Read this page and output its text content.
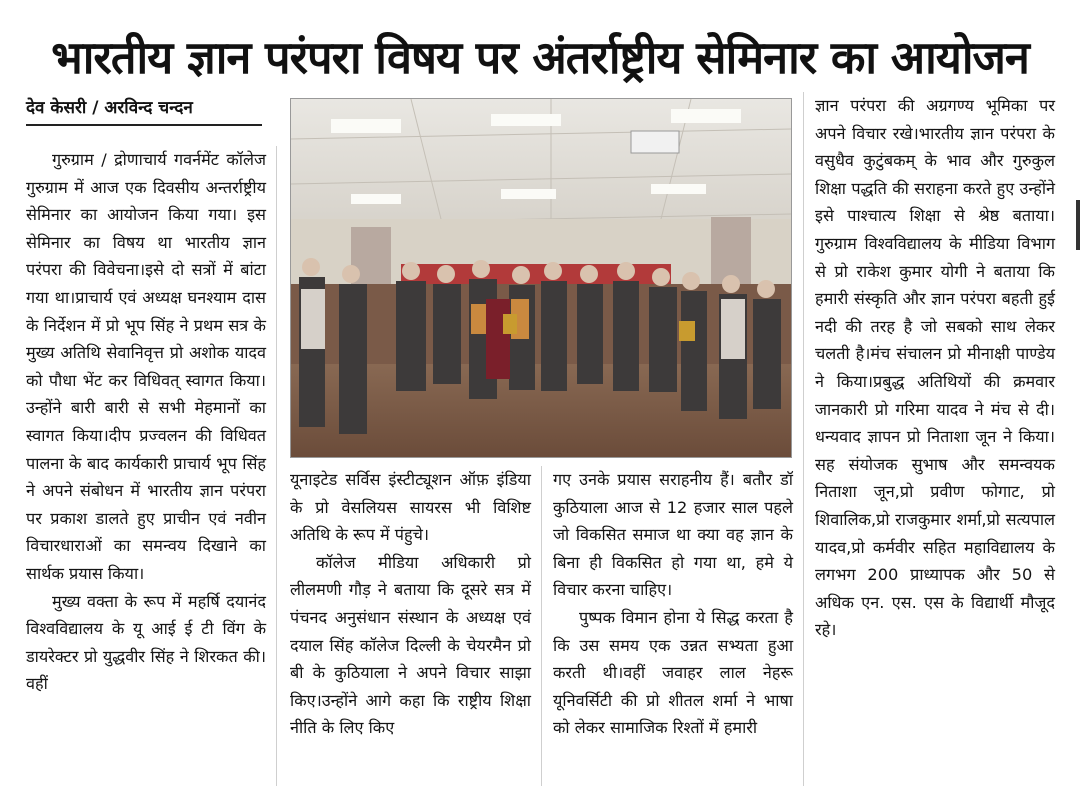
भारतीय ज्ञान परंपरा विषय पर अंतर्राष्ट्रीय सेमिनार का आयोजन
देव केसरी / अरविन्द चन्दन

गुरुग्राम / द्रोणाचार्य गवर्नमेंट कॉलेज गुरुग्राम में आज एक दिवसीय अन्तर्राष्ट्रीय सेमिनार का आयोजन किया गया। इस सेमिनार का विषय था भारतीय ज्ञान परंपरा की विवेचना।इसे दो सत्रों में बांटा गया था।प्राचार्य एवं अध्यक्ष घनश्याम दास के निर्देशन में प्रो भूप सिंह ने प्रथम सत्र के मुख्य अतिथि सेवानिवृत्त प्रो अशोक यादव को पौधा भेंट कर विधिवत् स्वागत किया।उन्होंने बारी बारी से सभी मेहमानों का स्वागत किया।दीप प्रज्वलन की विधिवत पालना के बाद कार्यकारी प्राचार्य भूप सिंह ने अपने संबोधन में भारतीय ज्ञान परंपरा पर प्रकाश डालते हुए प्राचीन एवं नवीन विचारधाराओं का समन्वय दिखाने का सार्थक प्रयास किया।

मुख्य वक्ता के रूप में महर्षि दयानंद विश्वविद्यालय के यू आई ई टी विंग के डायरेक्टर प्रो युद्धवीर सिंह ने शिरकत की।वहीं

यूनाइटेड सर्विस इंस्टीट्यूशन ऑफ़ इंडिया के प्रो वेसलियस सायरस भी विशिष्ट अतिथि के रूप में पंहुचे।

कॉलेज मीडिया अधिकारी प्रो लीलमणी गौड़ ने बताया कि दूसरे सत्र में पंचनद अनुसंधान संस्थान के अध्यक्ष एवं दयाल सिंह कॉलेज दिल्ली के चेयरमैन प्रो बी के कुठियाला ने अपने विचार साझा किए।उन्होंने आगे कहा कि राष्ट्रीय शिक्षा नीति के लिए किए

गए उनके प्रयास सराहनीय हैं। बतौर डॉ कुठियाला आज से 12 हजार साल पहले जो विकसित समाज था क्या वह ज्ञान के बिना ही विकसित हो गया था, हमे ये विचार करना चाहिए।

पुष्पक विमान होना ये सिद्ध करता है कि उस समय एक उन्नत सभ्यता हुआ करती थी।वहीं जवाहर लाल नेहरू यूनिवर्सिटी की प्रो शीतल शर्मा ने भाषा को लेकर सामाजिक रिश्तों में हमारी

ज्ञान परंपरा की अग्रगण्य भूमिका पर अपने विचार रखे।भारतीय ज्ञान परंपरा के वसुधैव कुटुंबकम् के भाव और गुरुकुल शिक्षा पद्धति की सराहना करते हुए उन्होंने इसे पाश्चात्य शिक्षा से श्रेष्ठ बताया।गुरुग्राम विश्वविद्यालय के मीडिया विभाग से प्रो राकेश कुमार योगी ने बताया कि हमारी संस्कृति और ज्ञान परंपरा बहती हुई नदी की तरह है जो सबको साथ लेकर चलती है।मंच संचालन प्रो मीनाक्षी पाण्डेय ने किया।प्रबुद्ध अतिथियों की क्रमवार जानकारी प्रो गरिमा यादव ने मंच से दी। धन्यवाद ज्ञापन प्रो निताशा जून ने किया। सह संयोजक सुभाष और समन्वयक निताशा जून,प्रो प्रवीण फोगाट, प्रो शिवालिक,प्रो राजकुमार शर्मा,प्रो सत्यपाल यादव,प्रो कर्मवीर सहित महाविद्यालय के लगभग 200 प्राध्यापक और 50 से अधिक एन. एस. एस के विद्यार्थी मौजूद रहे।
